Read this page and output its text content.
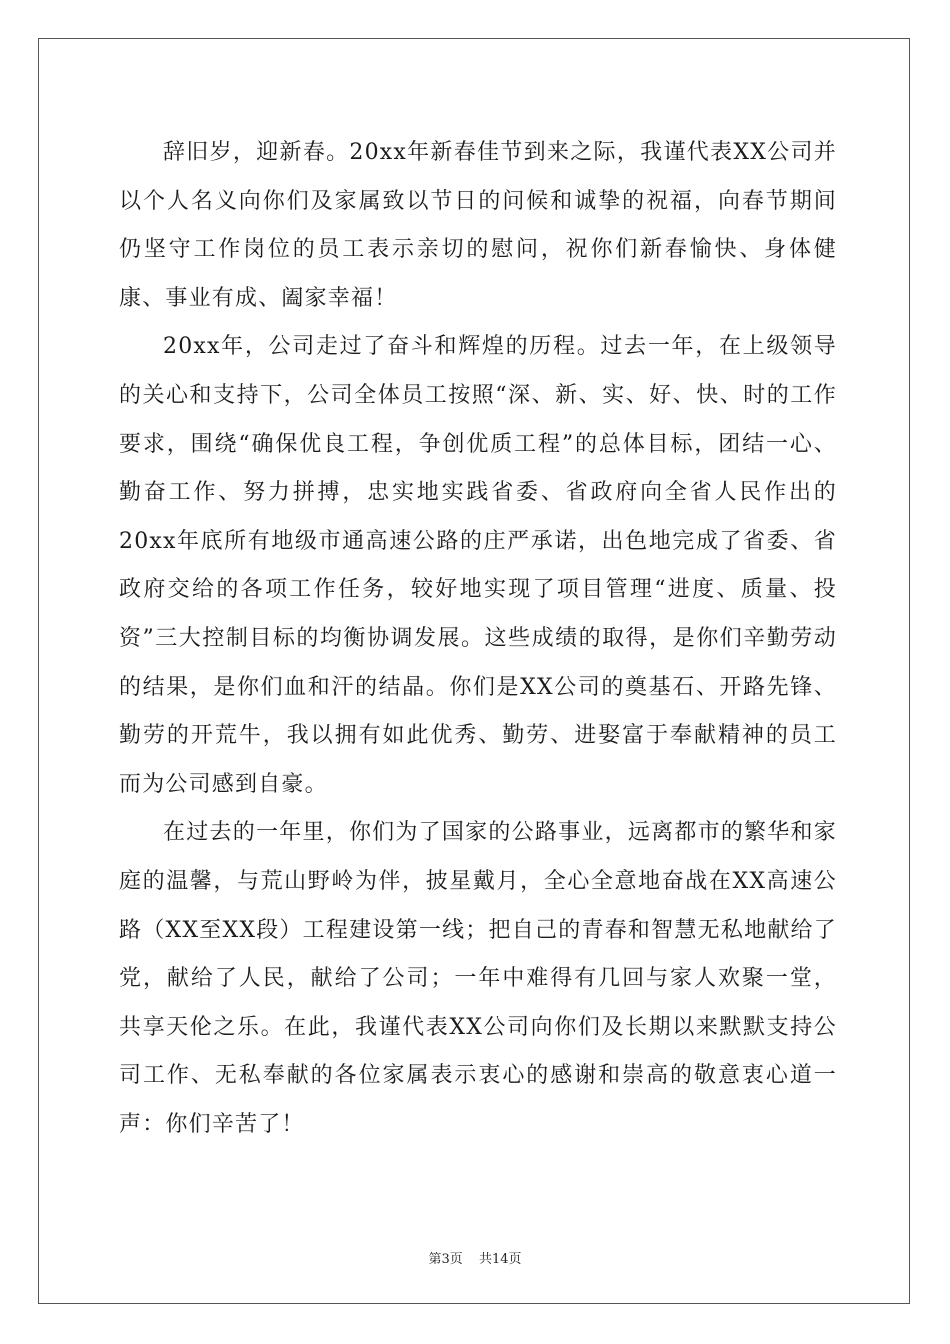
辞旧岁，迎新春。20xx年新春佳节到来之际，我谨代表XX公司并以个人名义向你们及家属致以节日的问候和诚挚的祝福，向春节期间仍坚守工作岗位的员工表示亲切的慰问，祝你们新春愉快、身体健康、事业有成、阖家幸福！

20xx年，公司走过了奋斗和辉煌的历程。过去一年，在上级领导的关心和支持下，公司全体员工按照“深、新、实、好、快、时的工作要求，围绕“确保优良工程，争创优质工程”的总体目标，团结一心、勤奋工作、努力拼搏，忠实地实践省委、省政府向全省人民作出的20xx年底所有地级市通高速公路的庄严承诺，出色地完成了省委、省政府交给的各项工作任务，较好地实现了项目管理“进度、质量、投资”三大控制目标的均衡协调发展。这些成绩的取得，是你们辛勤劳动的结果，是你们血和汗的结晶。你们是XX公司的奠基石、开路先锋、勤劳的开荒牛，我以拥有如此优秀、勤劳、进娶富于奉献精神的员工而为公司感到自豪。

在过去的一年里，你们为了国家的公路事业，远离都市的繁华和家庭的温馨，与荒山野岭为伴，披星戴月，全心全意地奋战在XX高速公路（XX至XX段）工程建设第一线；把自己的青春和智慧无私地献给了党，献给了人民，献给了公司；一年中难得有几回与家人欢聚一堂，共享天伦之乐。在此，我谨代表XX公司向你们及长期以来默默支持公司工作、无私奉献的各位家属表示衷心的感谢和崇高的敬意衷心道一声：你们辛苦了！

第3页 共14页
